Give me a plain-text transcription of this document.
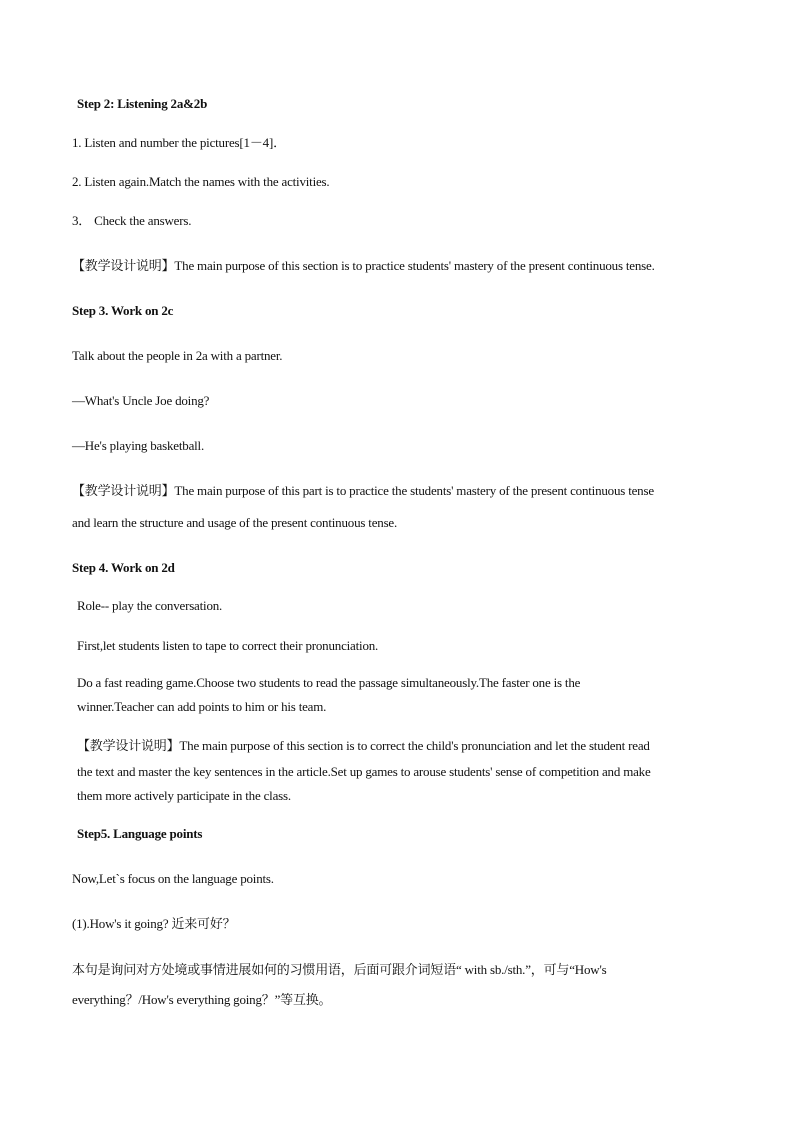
Step 2: Listening 2a&2b
1. Listen and number the pictures[1－4]．
2. Listen again.Match the names with the activities.
3． Check the answers.
【教学设计说明】The main purpose of this section is to practice students' mastery of the present continuous tense.
Step 3. Work on 2c
Talk about the people in 2a with a partner.
—What's Uncle Joe doing?
—He's playing basketball.
【教学设计说明】The main purpose of this part is to practice the students' mastery of the present continuous tense
and learn the structure and usage of the present continuous tense.
Step 4. Work on 2d
Role-- play the conversation.
First,let students listen to tape to correct their pronunciation.
Do a fast reading game.Choose two students to read the passage simultaneously.The faster one is the
winner.Teacher can add points to him or his team.
【教学设计说明】The main purpose of this section is to correct the child's pronunciation and let the student read
the text and master the key sentences in the article.Set up games to arouse students' sense of competition and make
them more actively participate in the class.
Step5. Language points
Now,Let`s focus on the language points.
(1).How's it going? 近来可好？
本句是询问对方处境或事情进展如何的习惯用语，后面可跟介词短语“ with sb./sth.”，可与“How's
everything？/How's everything going？”等互换。
